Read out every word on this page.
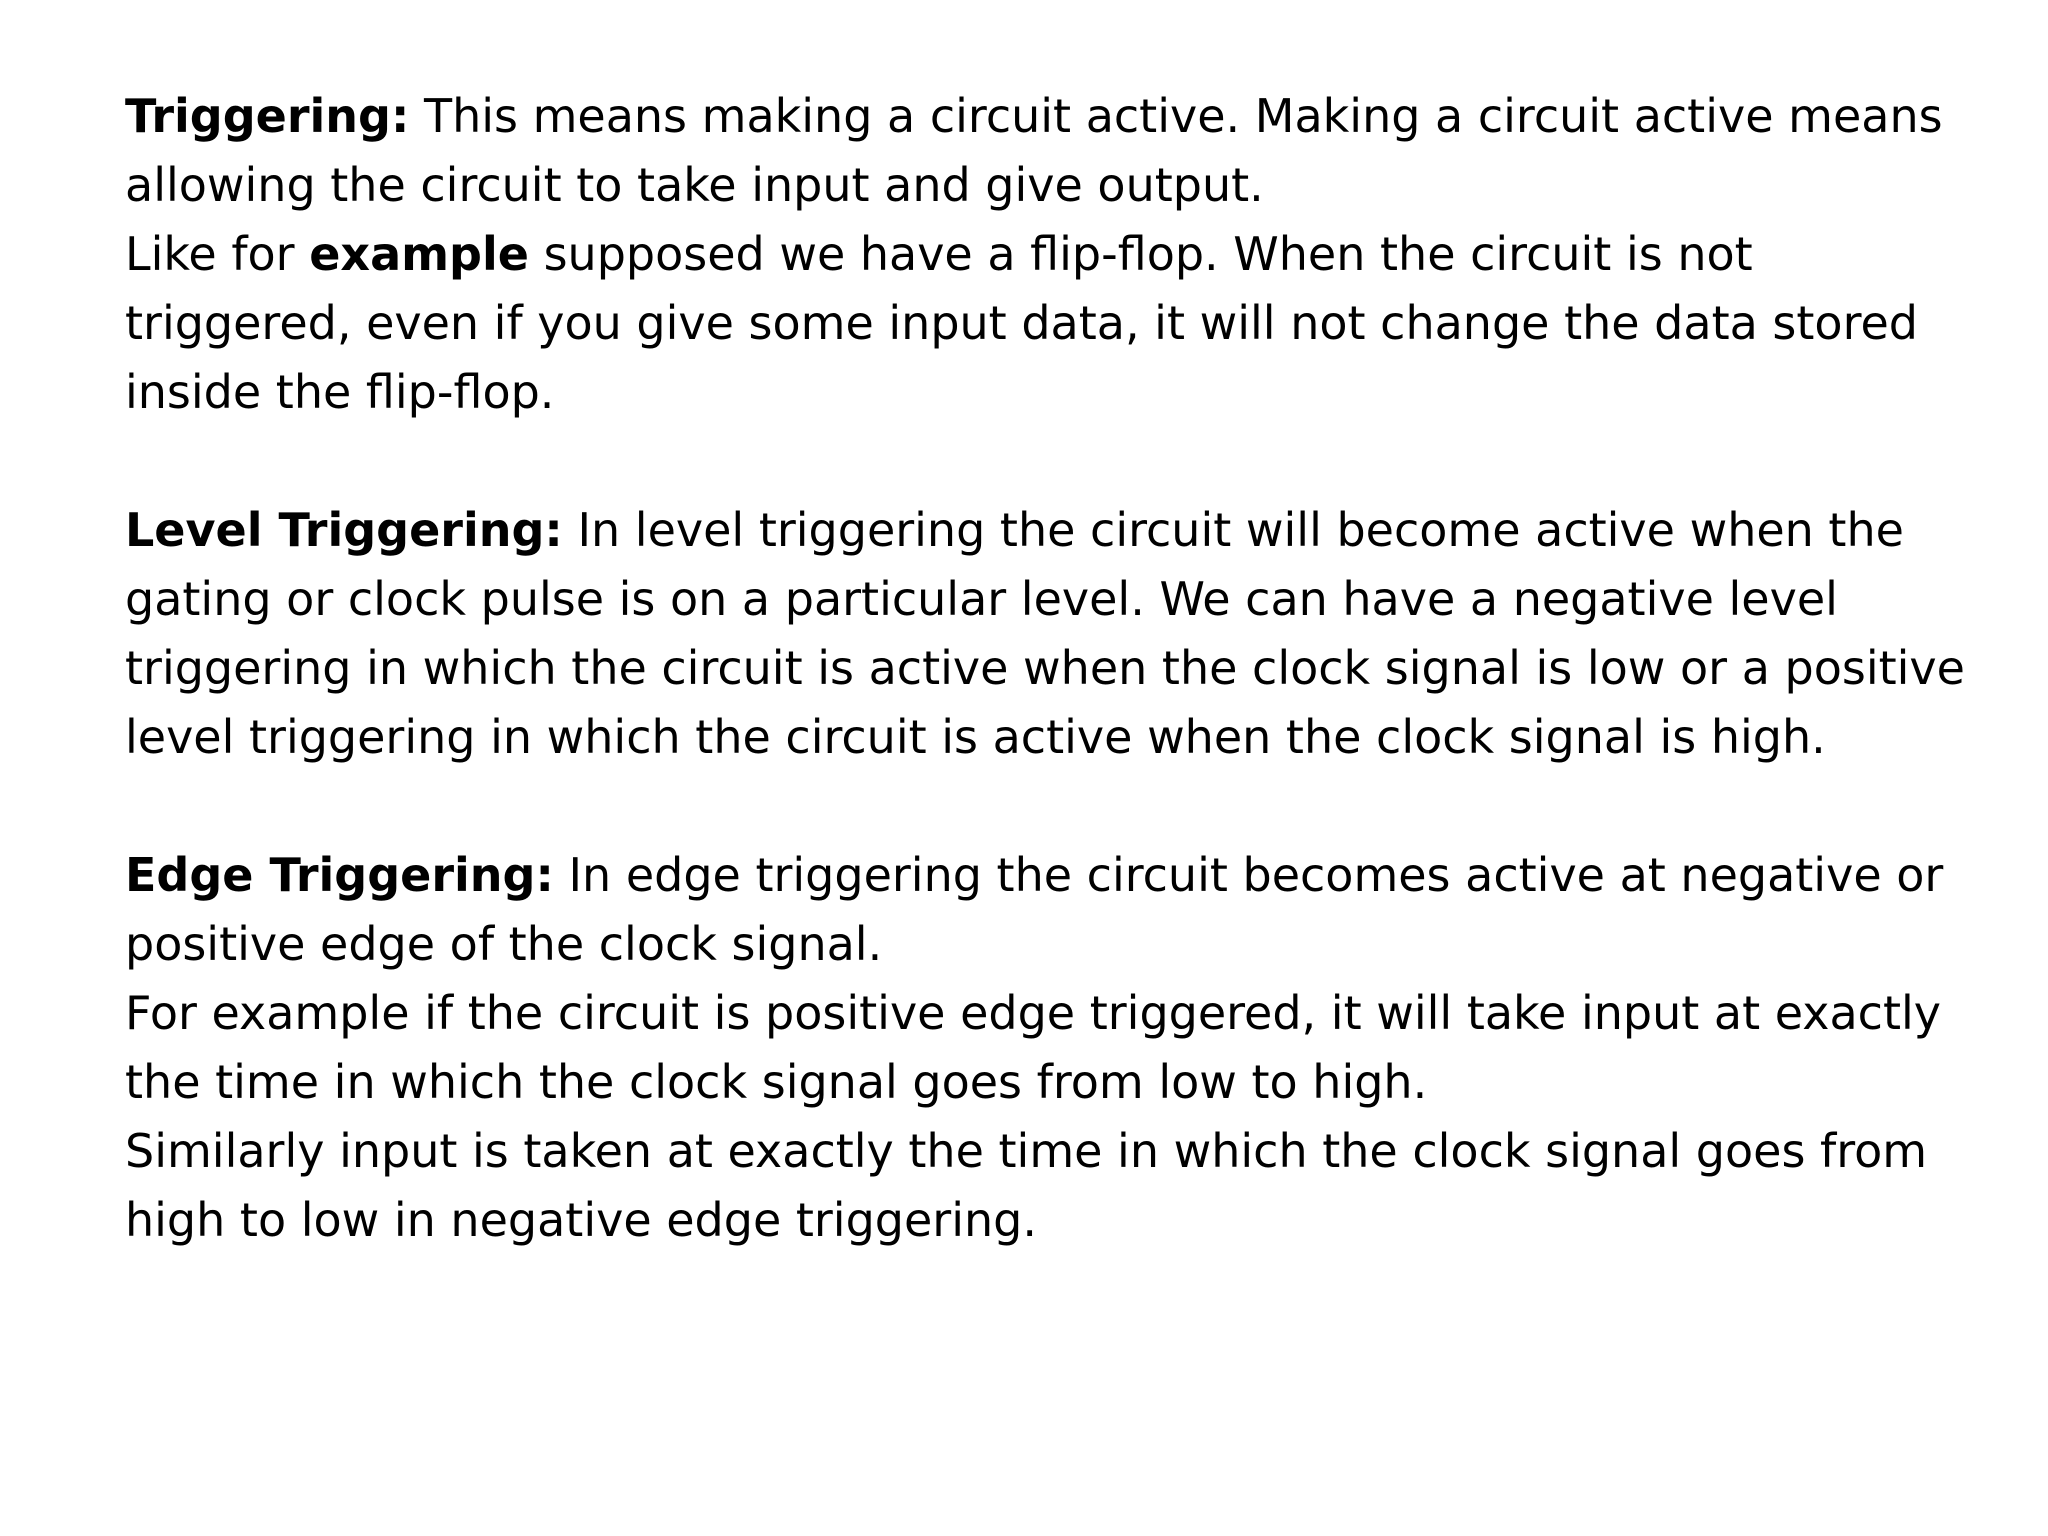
Triggering: This means making a circuit active. Making a circuit active means allowing the circuit to take input and give output.

Like for example supposed we have a flip-flop. When the circuit is not triggered, even if you give some input data, it will not change the data stored inside the flip-flop.

Level Triggering: In level triggering the circuit will become active when the gating or clock pulse is on a particular level. We can have a negative level triggering in which the circuit is active when the clock signal is low or a positive level triggering in which the circuit is active when the clock signal is high.

Edge Triggering: In edge triggering the circuit becomes active at negative or positive edge of the clock signal.

For example if the circuit is positive edge triggered, it will take input at exactly the time in which the clock signal goes from low to high.

Similarly input is taken at exactly the time in which the clock signal goes from high to low in negative edge triggering.
